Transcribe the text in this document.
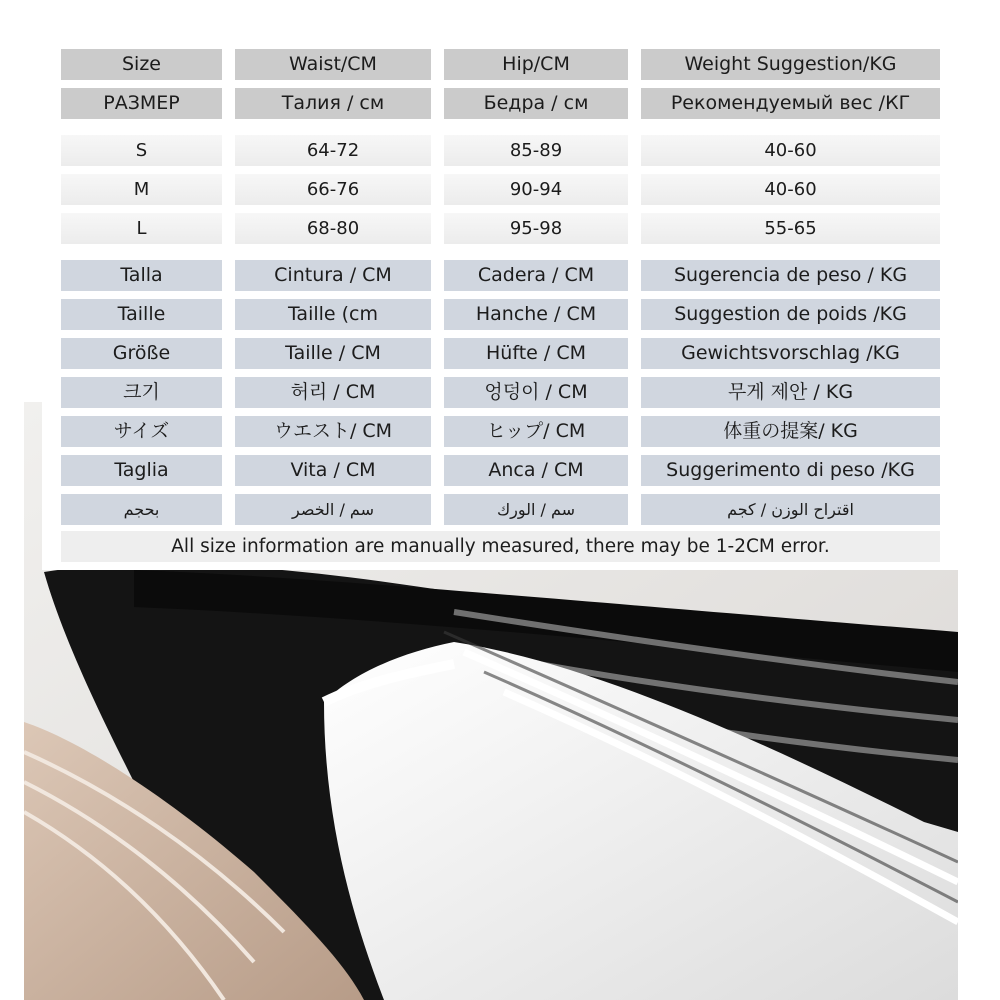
Size	Waist/CM	Hip/CM	Weight Suggestion/KG
РАЗМЕР	Талия / см	Бедра / см	Рекомендуемый вес /КГ
S	64-72	85-89	40-60
M	66-76	90-94	40-60
L	68-80	95-98	55-65
Talla	Cintura / CM	Cadera / CM	Sugerencia de peso / KG
Taille	Taille (cm	Hanche / CM	Suggestion de poids /KG
Größe	Taille / CM	Hüfte / CM	Gewichtsvorschlag /KG
크기	허리 / CM	엉덩이 / CM	무게 제안 / KG
サイズ	ウエスト/ CM	ヒップ/ CM	体重の提案/ KG
Taglia	Vita / CM	Anca / CM	Suggerimento di peso /KG
بحجم	سم / الخصر	سم / الورك	اقتراح الوزن / كجم
All size information are manually measured, there may be 1-2CM error.
